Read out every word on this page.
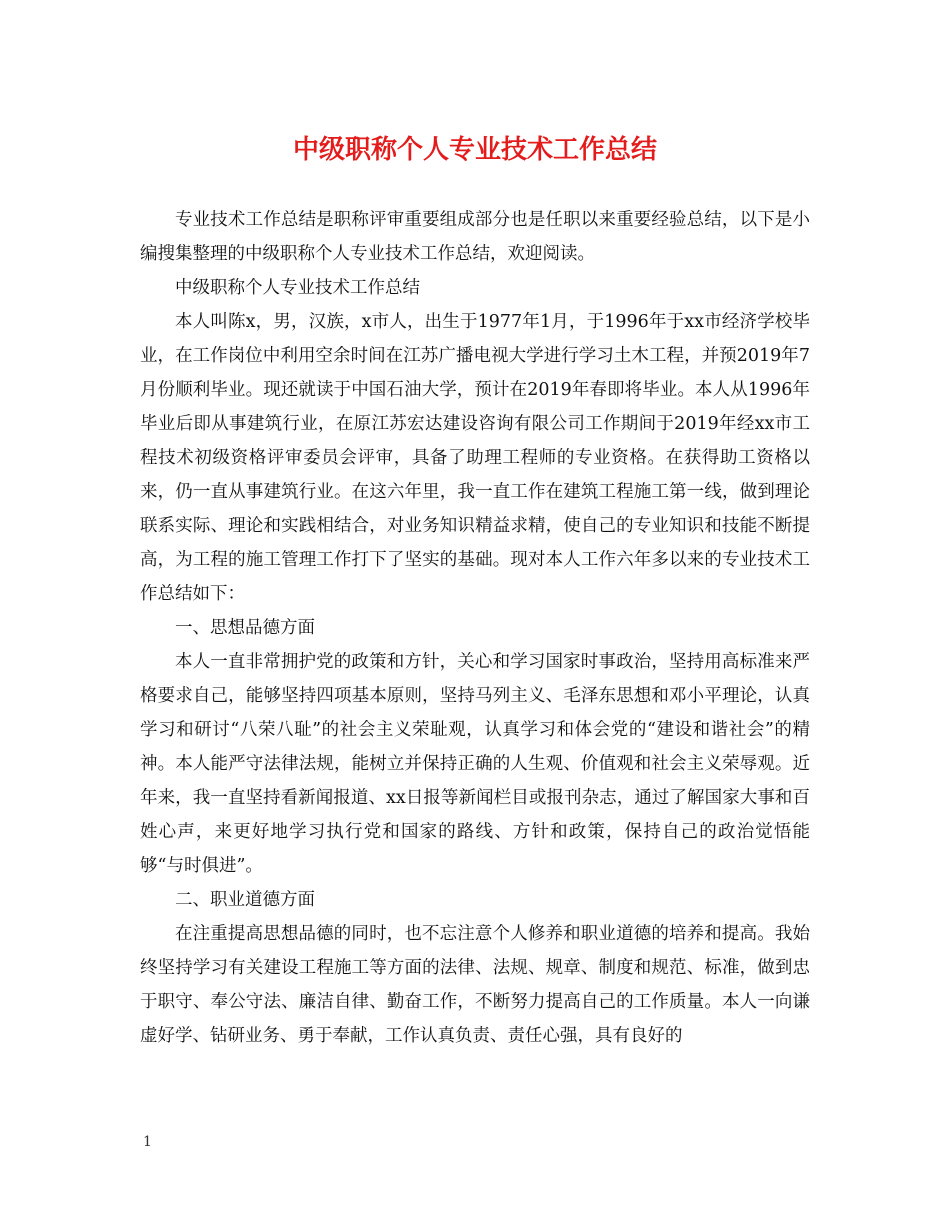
中级职称个人专业技术工作总结

专业技术工作总结是职称评审重要组成部分也是任职以来重要经验总结，以下是小编搜集整理的中级职称个人专业技术工作总结，欢迎阅读。

中级职称个人专业技术工作总结

本人叫陈x，男，汉族，x市人，出生于1977年1月，于1996年于xx市经济学校毕业，在工作岗位中利用空余时间在江苏广播电视大学进行学习土木工程，并预2019年7月份顺利毕业。现还就读于中国石油大学，预计在2019年春即将毕业。本人从1996年毕业后即从事建筑行业，在原江苏宏达建设咨询有限公司工作期间于2019年经xx市工程技术初级资格评审委员会评审，具备了助理工程师的专业资格。在获得助工资格以来，仍一直从事建筑行业。在这六年里，我一直工作在建筑工程施工第一线，做到理论联系实际、理论和实践相结合，对业务知识精益求精，使自己的专业知识和技能不断提高，为工程的施工管理工作打下了坚实的基础。现对本人工作六年多以来的专业技术工作总结如下：

一、思想品德方面

本人一直非常拥护党的政策和方针，关心和学习国家时事政治，坚持用高标准来严格要求自己，能够坚持四项基本原则，坚持马列主义、毛泽东思想和邓小平理论，认真学习和研讨“八荣八耻”的社会主义荣耻观，认真学习和体会党的“建设和谐社会”的精神。本人能严守法律法规，能树立并保持正确的人生观、价值观和社会主义荣辱观。近年来，我一直坚持看新闻报道、xx日报等新闻栏目或报刊杂志，通过了解国家大事和百姓心声，来更好地学习执行党和国家的路线、方针和政策，保持自己的政治觉悟能够“与时俱进”。

二、职业道德方面

在注重提高思想品德的同时，也不忘注意个人修养和职业道德的培养和提高。我始终坚持学习有关建设工程施工等方面的法律、法规、规章、制度和规范、标准，做到忠于职守、奉公守法、廉洁自律、勤奋工作，不断努力提高自己的工作质量。本人一向谦虚好学、钻研业务、勇于奉献，工作认真负责、责任心强，具有良好的

1
